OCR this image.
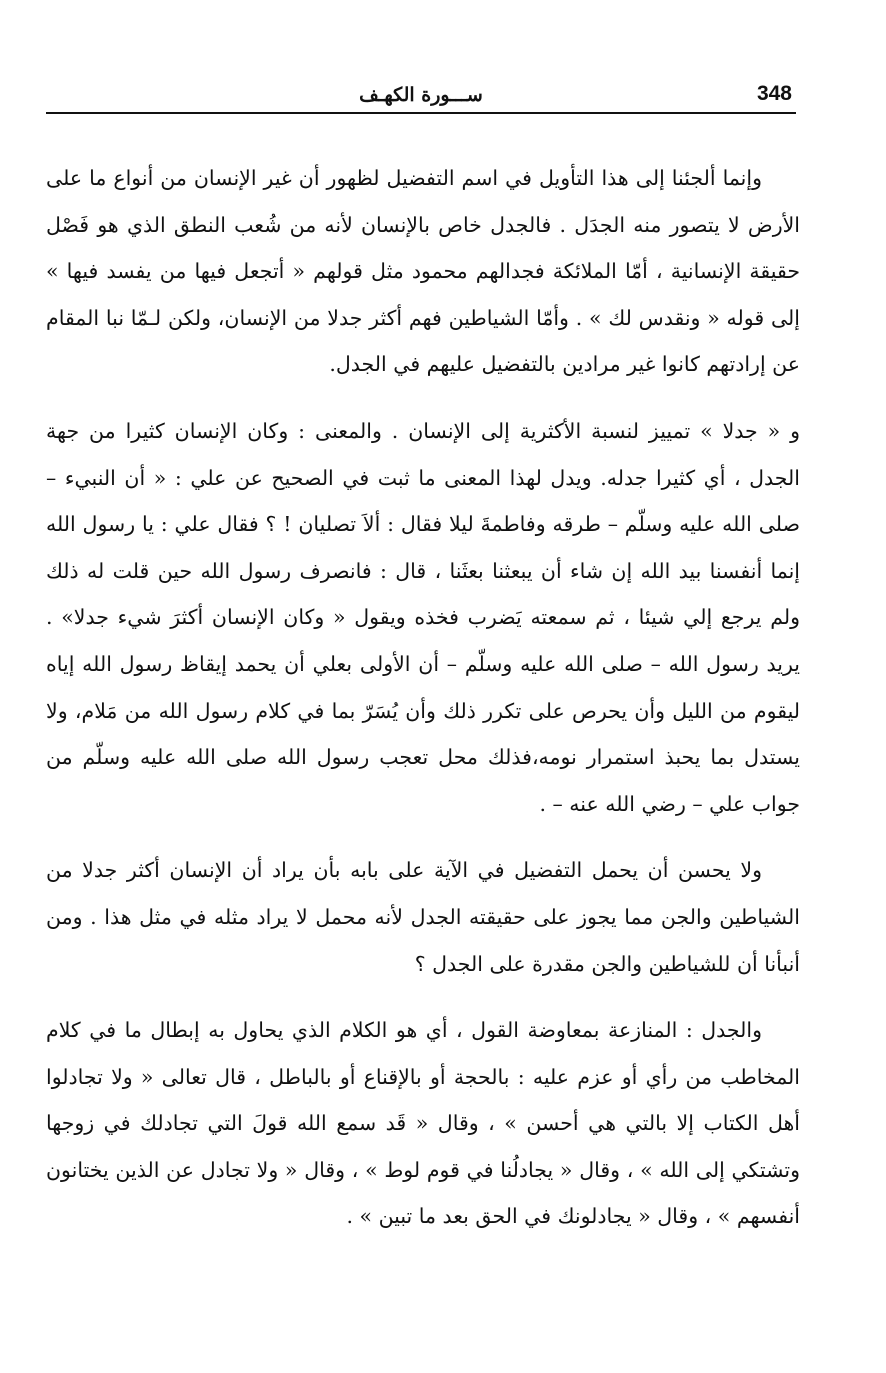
348
ســـورة الكهـف

وإنما ألجئنا إلى هذا التأويل في اسم التفضيل لظهور أن غير الإنسان من أنواع ما على الأرض لا يتصور منه الجدَل . فالجدل خاص بالإنسان لأنه من شُعب النطق الذي هو فَصْل حقيقة الإنسانية ، أمّا الملائكة فجدالهم محمود مثل قولهم « أتجعل فيها من يفسد فيها » إلى قوله « ونقدس لك » . وأمّا الشياطين فهم أكثر جدلا من الإنسان، ولكن لـمّا نبا المقام عن إرادتهم كانوا غير مرادين بالتفضيل عليهم في الجدل.

و « جدلا » تمييز لنسبة الأكثرية إلى الإنسان . والمعنى : وكان الإنسان كثيرا من جهة الجدل ، أي كثيرا جدله. ويدل لهذا المعنى ما ثبت في الصحيح عن علي : « أن النبيء – صلى الله عليه وسلّم – طرقه وفاطمةَ ليلا فقال : ألاَ تصليان ! ؟ فقال علي : يا رسول الله إنما أنفسنا بيد الله إن شاء أن يبعثنا بعثَنا ، قال : فانصرف رسول الله حين قلت له ذلك ولم يرجع إلي شيئا ، ثم سمعته يَضرب فخذه ويقول « وكان الإنسان أكثرَ شيء جدلا» . يريد رسول الله – صلى الله عليه وسلّم – أن الأولى بعلي أن يحمد إيقاظ رسول الله إياه ليقوم من الليل وأن يحرص على تكرر ذلك وأن يُسَرّ بما في كلام رسول الله من مَلام، ولا يستدل بما يحبذ استمرار نومه،فذلك محل تعجب رسول الله صلى الله عليه وسلّم من جواب علي – رضي الله عنه – .

ولا يحسن أن يحمل التفضيل في الآية على بابه بأن يراد أن الإنسان أكثر جدلا من الشياطين والجن مما يجوز على حقيقته الجدل لأنه محمل لا يراد مثله في مثل هذا . ومن أنبأنا أن للشياطين والجن مقدرة على الجدل ؟

والجدل : المنازعة بمعاوضة القول ، أي هو الكلام الذي يحاول به إبطال ما في كلام المخاطب من رأي أو عزم عليه : بالحجة أو بالإقناع أو بالباطل ، قال تعالى « ولا تجادلوا أهل الكتاب إلا بالتي هي أحسن » ، وقال « قَد سمع الله قولَ التي تجادلك في زوجها وتشتكي إلى الله » ، وقال « يجادلُنا في قوم لوط » ، وقال « ولا تجادل عن الذين يختانون أنفسهم » ، وقال « يجادلونك في الحق بعد ما تبين » .
